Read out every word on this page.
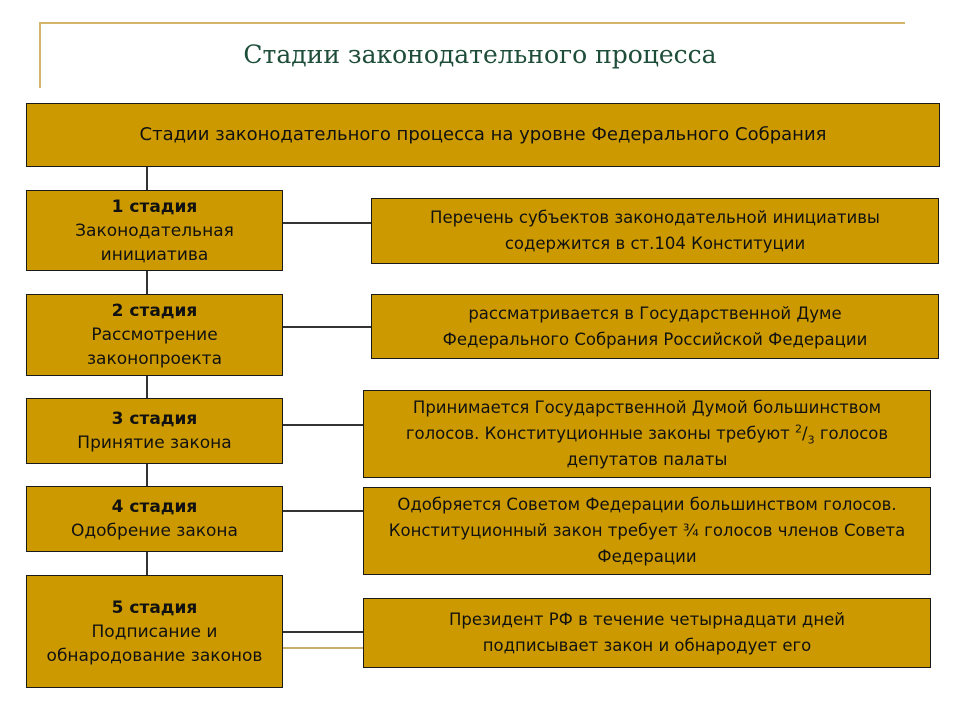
Стадии законодательного процесса
Стадии законодательного процесса на уровне Федерального Собрания
1 стадия
Законодательная инициатива
2 стадия
Рассмотрение законопроекта
3 стадия
Принятие закона
4 стадия
Одобрение закона
5 стадия
Подписание и обнародование законов
Перечень субъектов законодательной инициативы содержится в ст.104 Конституции
рассматривается в Государственной Думе Федерального Собрания Российской Федерации
Принимается Государственной Думой большинством голосов. Конституционные законы требуют $^2/_3$ голосов депутатов палаты
Одобряется Советом Федерации большинством голосов. Конституционный закон требует ¾ голосов членов Совета Федерации
Президент РФ в течение четырнадцати дней подписывает закон и обнародует его
